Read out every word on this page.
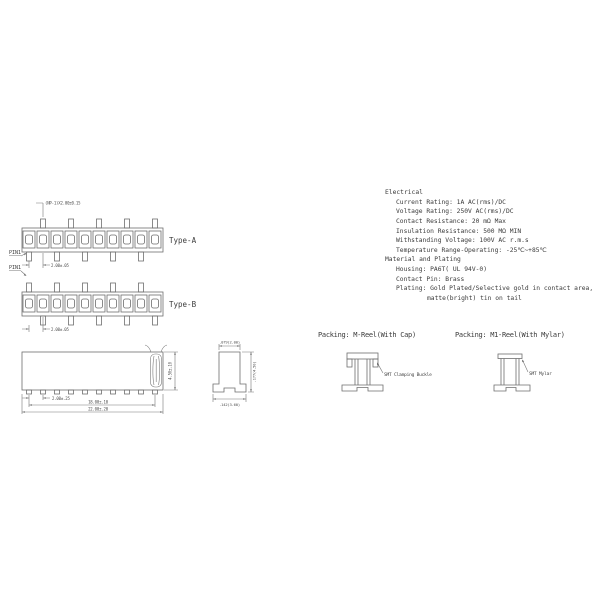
(NP-1)X2.00±0.15
PIN1
2.00±.05
Type-A
PIN1
2.00±.05
Type-B
4.50±.10
2.00±.25
18.00±.10
22.00±.20
.079(2.00)
.177(4.50)
.142(3.60)
Electrical
Current Rating: 1A AC(rms)/DC
Voltage Rating: 250V AC(rms)/DC
Contact Resistance: 20 mΩ Max
Insulation Resistance: 500 MΩ MIN
Withstanding Voltage: 100V AC r.m.s
Temperature Range-Operating: -25℃~+85℃
Material and Plating
Housing: PA6T( UL 94V-0)
Contact Pin: Brass
Plating: Gold Plated/Selective gold in contact area,
matte(bright) tin on tail
Packing: M-Reel(With Cap)	Packing: M1-Reel(With Mylar)
SMT Clamping Buckle	SMT Mylar
